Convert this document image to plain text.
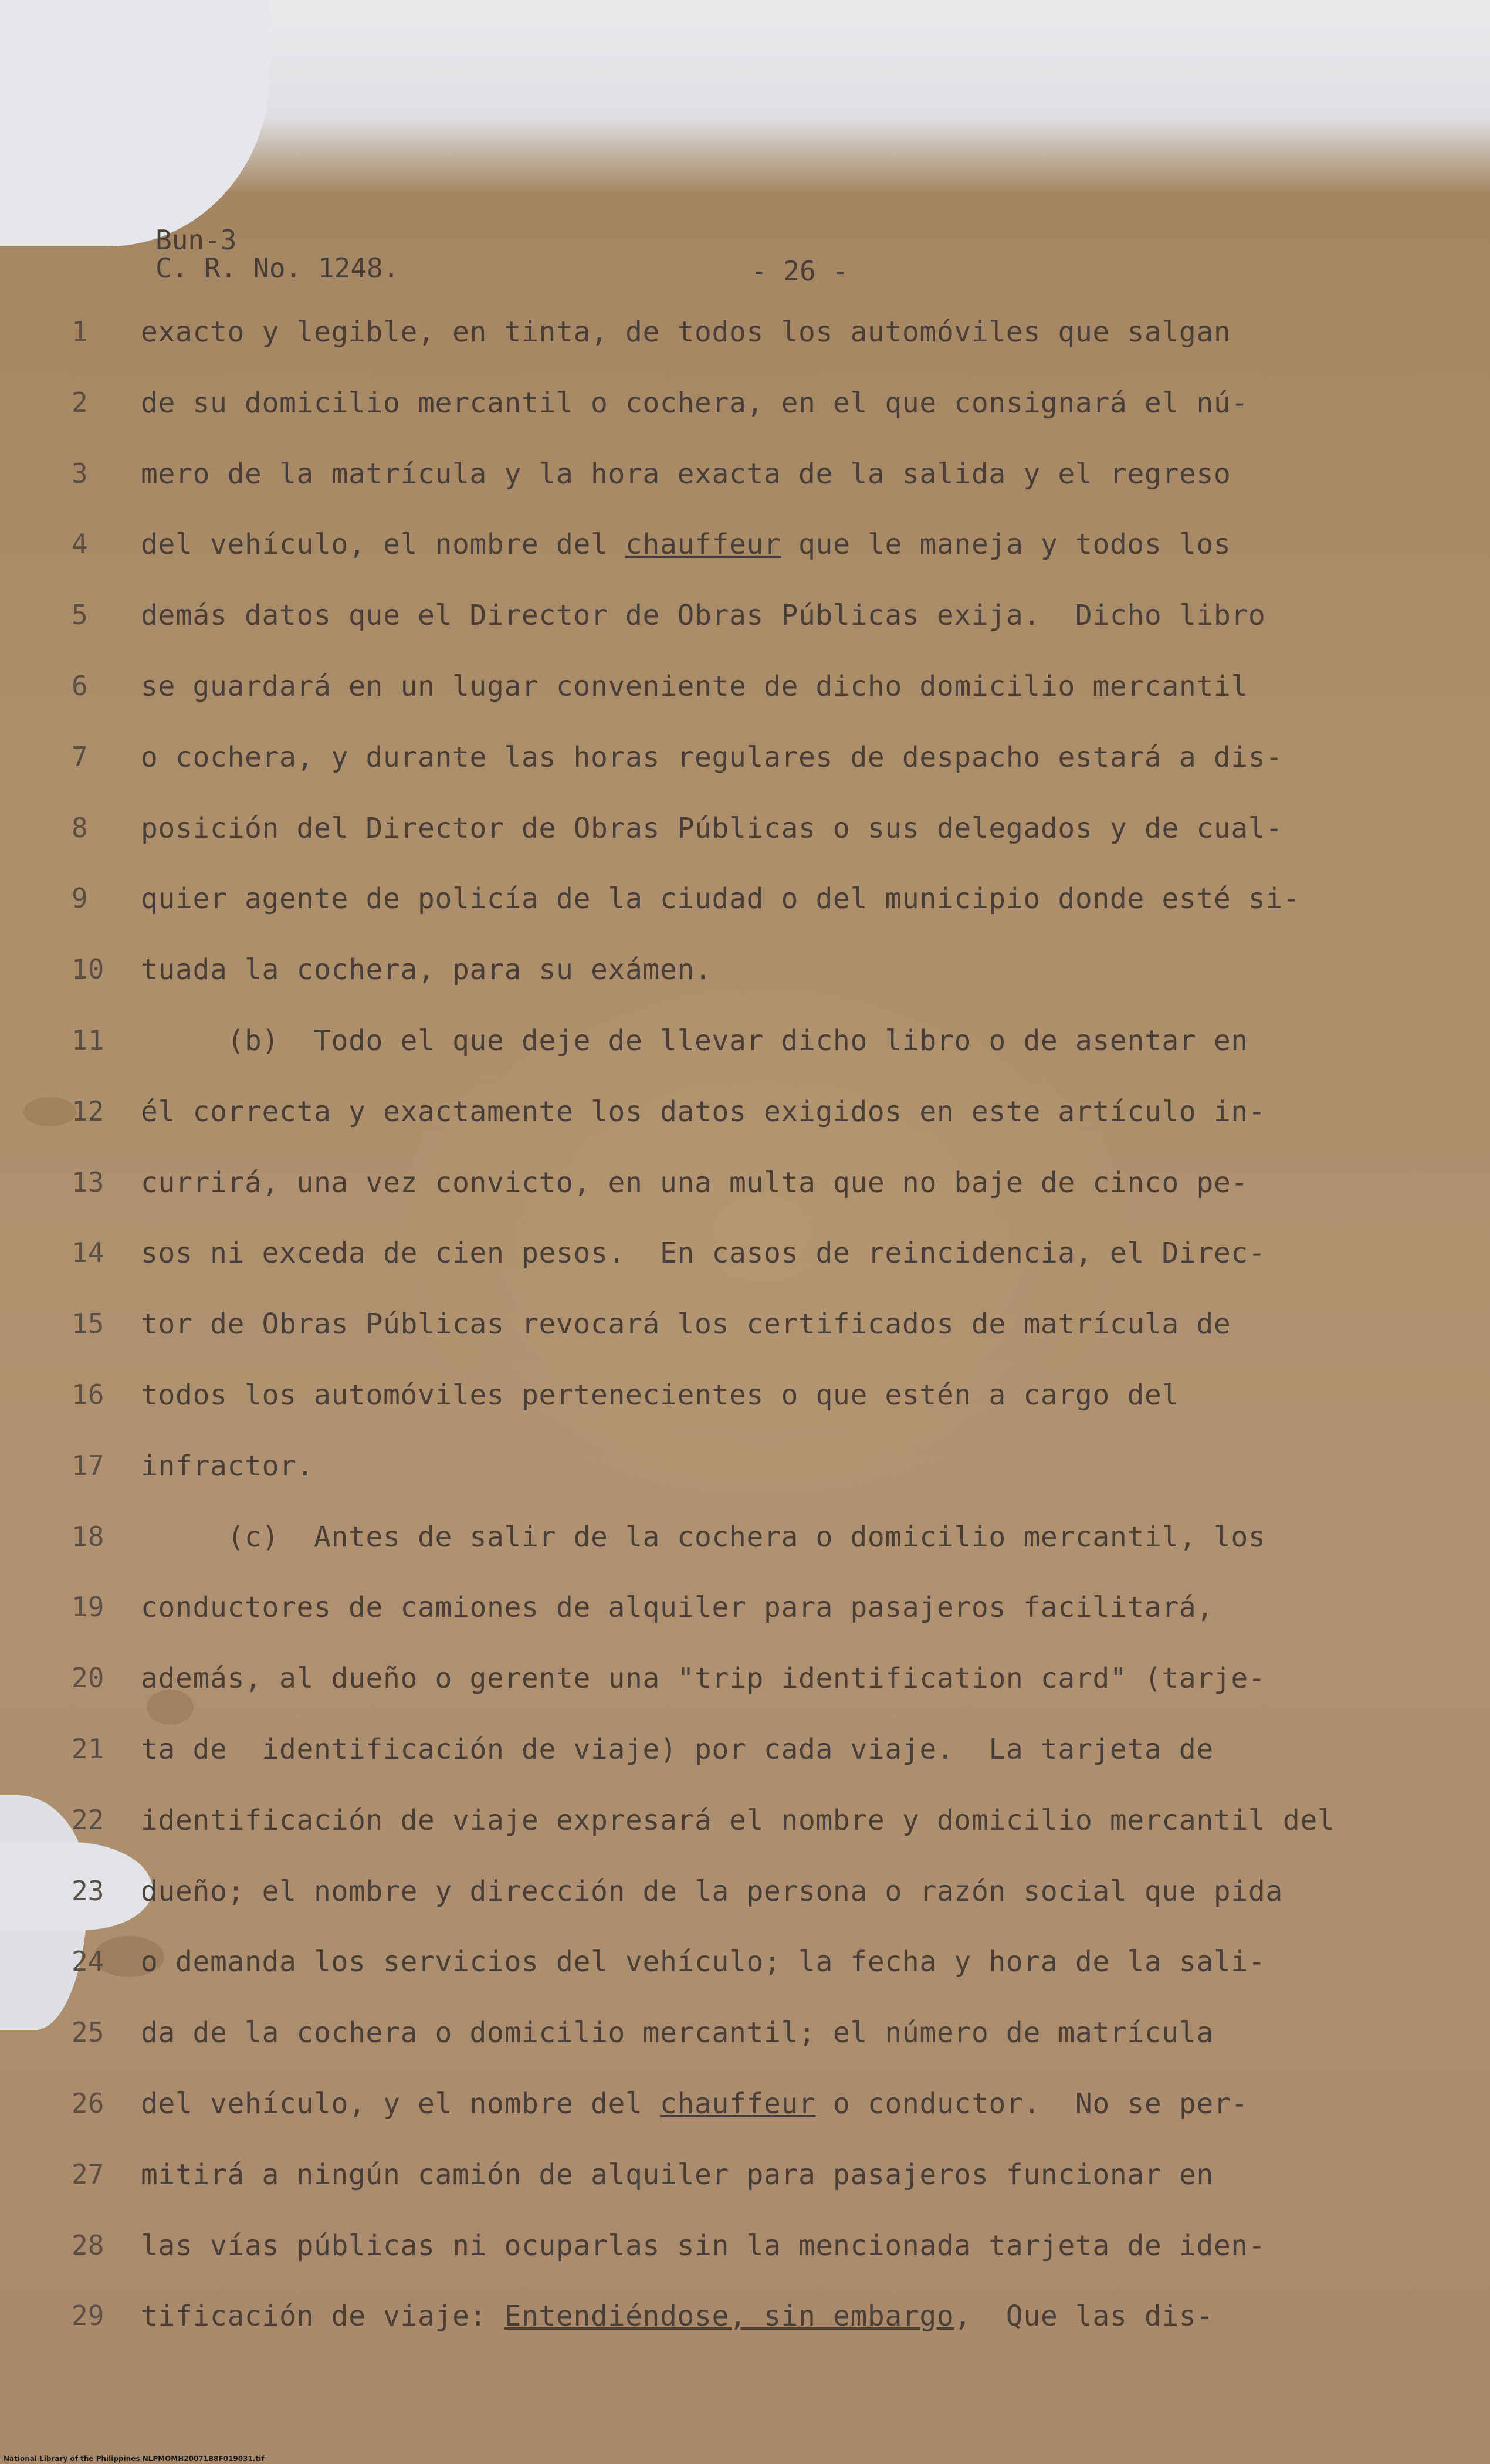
Bun-3
C. R. No. 1248.	- 26 -
1	exacto y legible, en tinta, de todos los automóviles que salgan
2	de su domicilio mercantil o cochera, en el que consignará el nú-
3	mero de la matrícula y la hora exacta de la salida y el regreso
4	del vehículo, el nombre del chauffeur que le maneja y todos los
5	demás datos que el Director de Obras Públicas exija.  Dicho libro
6	se guardará en un lugar conveniente de dicho domicilio mercantil
7	o cochera, y durante las horas regulares de despacho estará a dis-
8	posición del Director de Obras Públicas o sus delegados y de cual-
9	quier agente de policía de la ciudad o del municipio donde esté si-
10	tuada la cochera, para su exámen.
11	(b)  Todo el que deje de llevar dicho libro o de asentar en
12	él correcta y exactamente los datos exigidos en este artículo in-
13	currirá, una vez convicto, en una multa que no baje de cinco pe-
14	sos ni exceda de cien pesos.  En casos de reincidencia, el Direc-
15	tor de Obras Públicas revocará los certificados de matrícula de
16	todos los automóviles pertenecientes o que estén a cargo del
17	infractor.
18	(c)  Antes de salir de la cochera o domicilio mercantil, los
19	conductores de camiones de alquiler para pasajeros facilitará,
20	además, al dueño o gerente una "trip identification card" (tarje-
21	ta de  identificación de viaje) por cada viaje.  La tarjeta de
22	identificación de viaje expresará el nombre y domicilio mercantil del
23	dueño; el nombre y dirección de la persona o razón social que pida
24	o demanda los servicios del vehículo; la fecha y hora de la sali-
25	da de la cochera o domicilio mercantil; el número de matrícula
26	del vehículo, y el nombre del chauffeur o conductor.  No se per-
27	mitirá a ningún camión de alquiler para pasajeros funcionar en
28	las vías públicas ni ocuparlas sin la mencionada tarjeta de iden-
29	tificación de viaje: Entendiéndose, sin embargo,  Que las dis-
National Library of the Philippines NLPMOMH20071B8F019031.tif
